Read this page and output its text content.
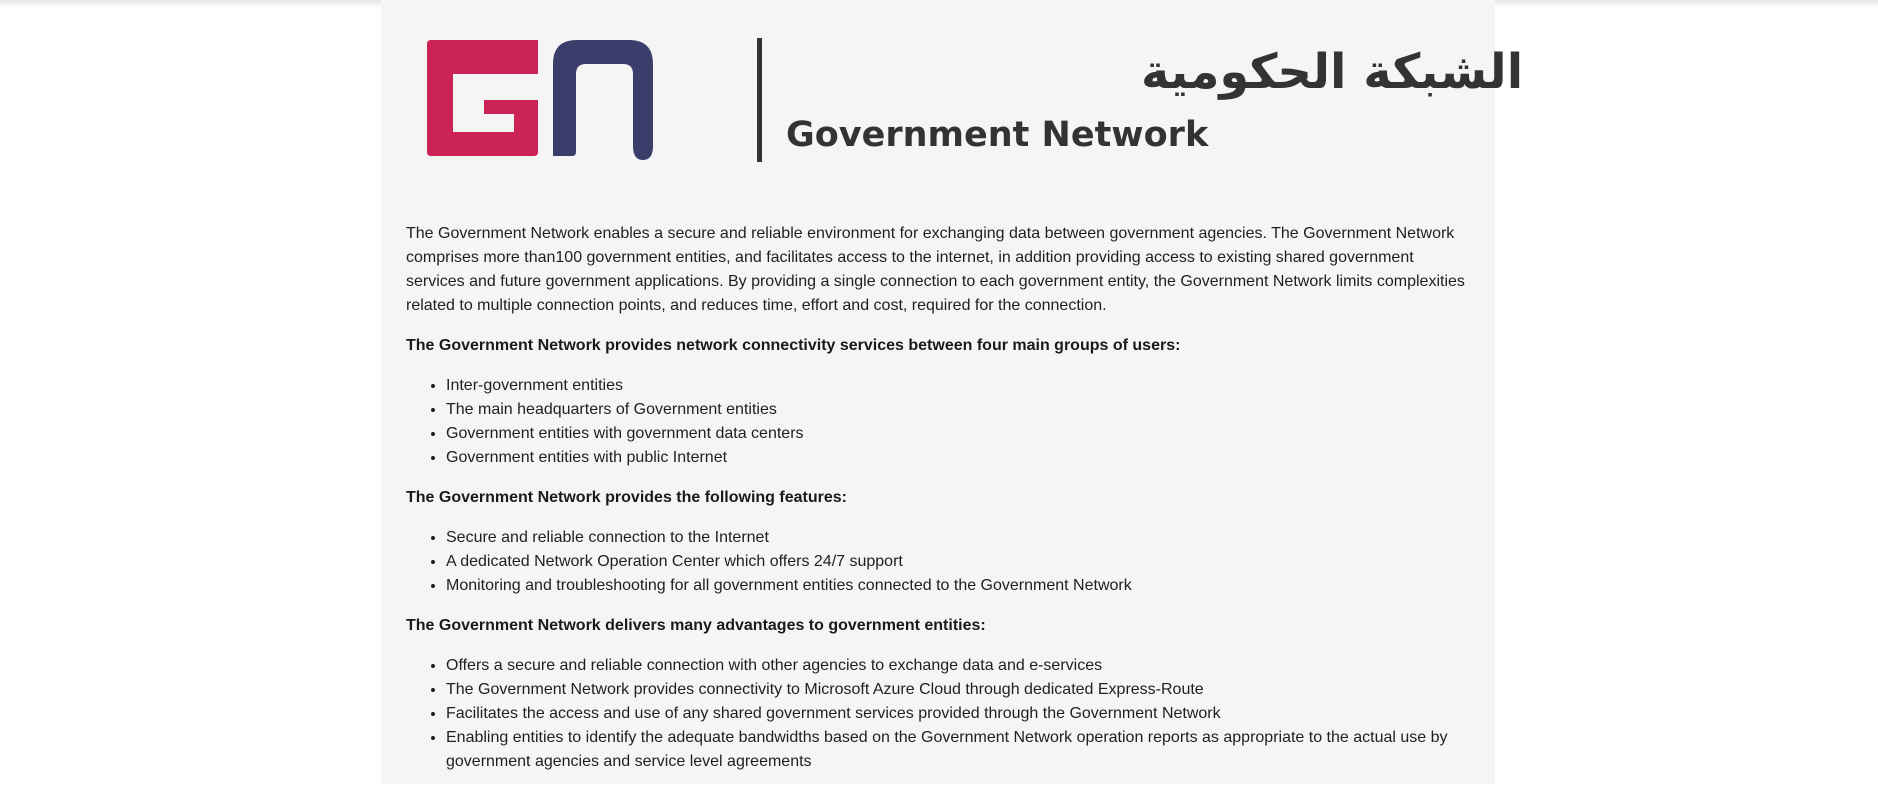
الشبكة الحكومية
Government Network

The Government Network enables a secure and reliable environment for exchanging data between government agencies. The Government Network comprises more than100 government entities, and facilitates access to the internet, in addition providing access to existing shared government services and future government applications. By providing a single connection to each government entity, the Government Network limits complexities related to multiple connection points, and reduces time, effort and cost, required for the connection.

The Government Network provides network connectivity services between four main groups of users:

• Inter-government entities
• The main headquarters of Government entities
• Government entities with government data centers
• Government entities with public Internet

The Government Network provides the following features:

• Secure and reliable connection to the Internet
• A dedicated Network Operation Center which offers 24/7 support
• Monitoring and troubleshooting for all government entities connected to the Government Network

The Government Network delivers many advantages to government entities:

• Offers a secure and reliable connection with other agencies to exchange data and e-services
• The Government Network provides connectivity to Microsoft Azure Cloud through dedicated Express-Route
• Facilitates the access and use of any shared government services provided through the Government Network
• Enabling entities to identify the adequate bandwidths based on the Government Network operation reports as appropriate to the actual use by government agencies and service level agreements
